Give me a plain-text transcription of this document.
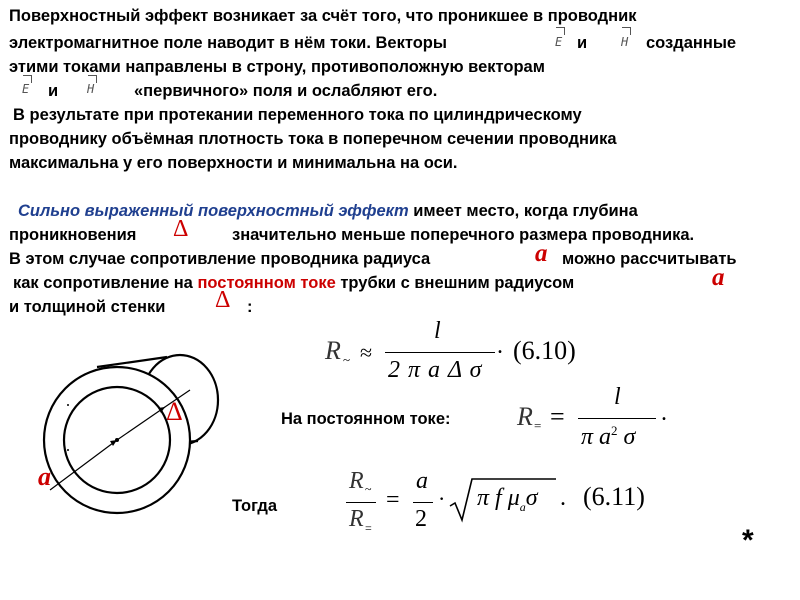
Поверхностный эффект возникает за счёт того, что проникшее в проводник
электромагнитное поле наводит в нём токи. Векторы	E и	H созданные
этими токами направлены в строну, противоположную векторам
E и H «первичного» поля и ослабляют его.
В результате при протекании переменного тока по цилиндрическому
проводнику объёмная плотность тока в поперечном сечении проводника
максимальна у его поверхности и минимальна на оси.
Сильно выраженный поверхностный эффект имеет место, когда глубина
проникновения Δ	значительно меньше поперечного размера проводника.
В этом случае сопротивление проводника радиуса	a можно рассчитывать
как сопротивление на постоянном токе трубки с внешним радиусом	a
и толщиной стенки Δ :
R ~ ≈
l
2 π a Δ σ
. (6.10)
На постоянном токе:	R = =
l
π $a^2$ σ
.
Тогда
R ~
R =
=
a
2
· π f $\mu_a\sigma$ . (6.11)
*
Δ
a
